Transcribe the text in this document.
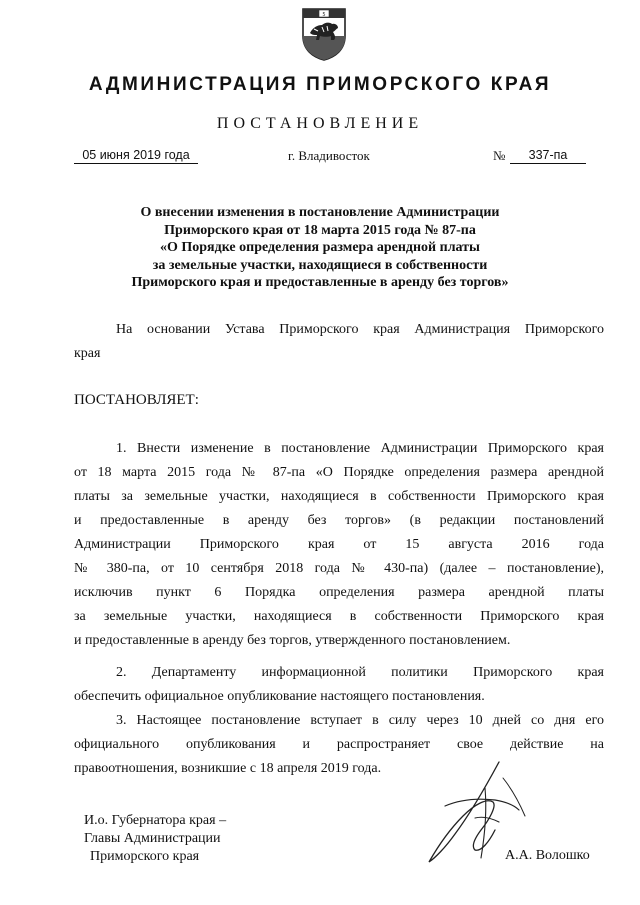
5
АДМИНИСТРАЦИЯ ПРИМОРСКОГО КРАЯ
ПОСТАНОВЛЕНИЕ
05 июня 2019 года	г. Владивосток	№	337-па
О внесении изменения в постановление Администрации
Приморского края от 18 марта 2015 года № 87-па
«О Порядке определения размера арендной платы
за земельные участки, находящиеся в собственности
Приморского края и предоставленные в аренду без торгов»
На основании Устава Приморского края Администрация Приморского
края
ПОСТАНОВЛЯЕТ:
1. Внести изменение в постановление Администрации Приморского края
от 18 марта 2015 года № 87-па «О Порядке определения размера арендной
платы за земельные участки, находящиеся в собственности Приморского края
и предоставленные в аренду без торгов» (в редакции постановлений
Администрации Приморского края от 15 августа 2016 года
№ 380-па, от 10 сентября 2018 года № 430-па) (далее – постановление),
исключив пункт 6 Порядка определения размера арендной платы
за земельные участки, находящиеся в собственности Приморского края
и предоставленные в аренду без торгов, утвержденного постановлением.
2. Департаменту информационной политики Приморского края
обеспечить официальное опубликование настоящего постановления.
3. Настоящее постановление вступает в силу через 10 дней со дня его
официального опубликования и распространяет свое действие на
правоотношения, возникшие с 18 апреля 2019 года.
И.о. Губернатора края –
Главы Администрации
Приморского края	А.А. Волошко
